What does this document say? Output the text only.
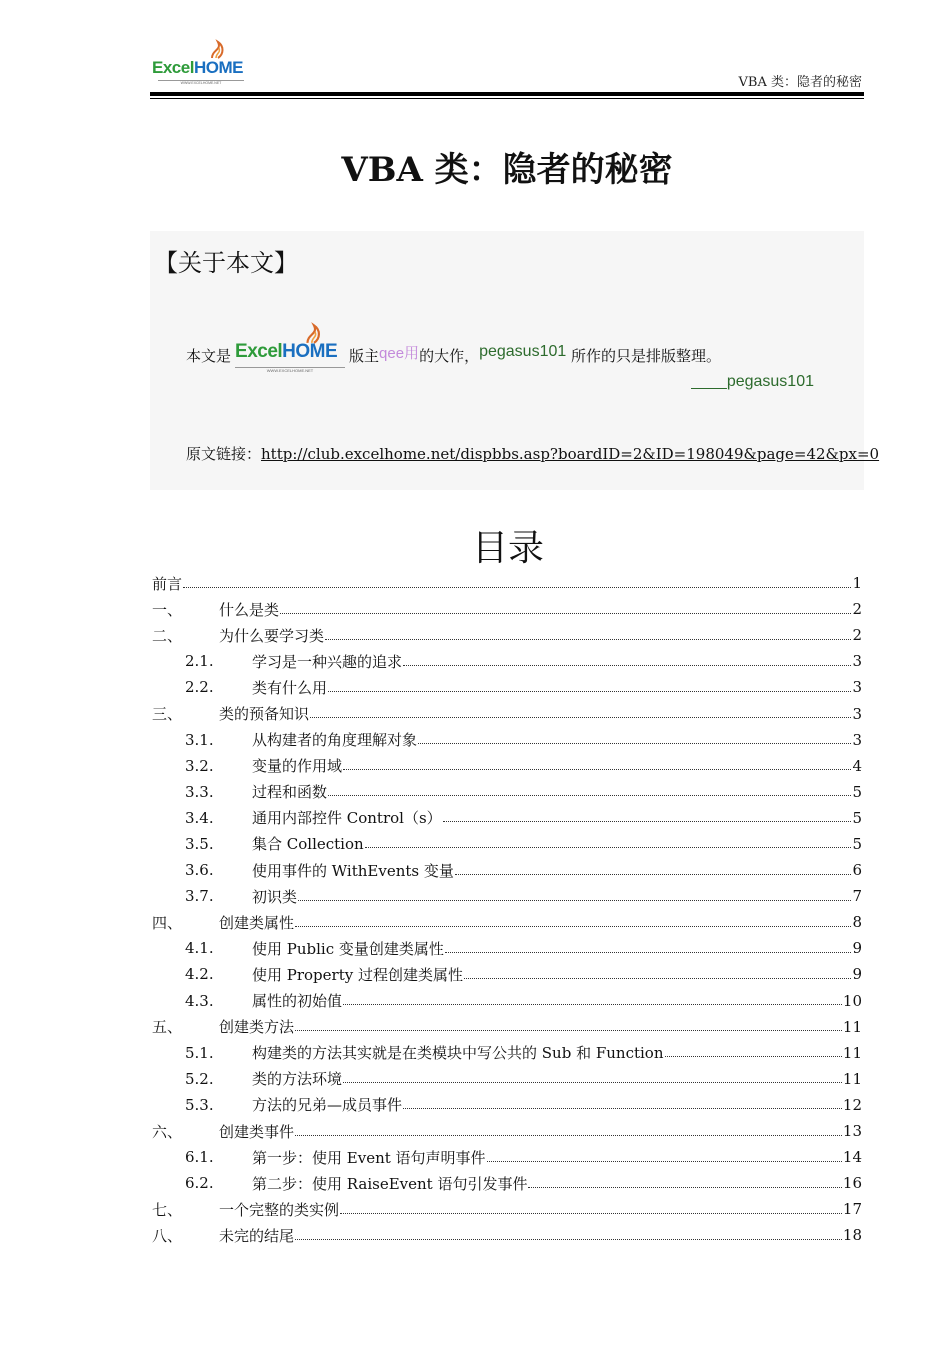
ExcelHOME
WWW.EXCELHOME.NET	VBA 类：隐者的秘密
VBA 类：隐者的秘密
【关于本文】
本文是 ExcelHOME
WWW.EXCELHOME.NET
版主qee用的大作，pegasus101 所作的只是排版整理。
____pegasus101
原文链接：http://club.excelhome.net/dispbbs.asp?boardID=2&ID=198049&page=42&px=0
目录
前言	1
一、	什么是类	2
二、	为什么要学习类	2
2.1.	学习是一种兴趣的追求	3
2.2.	类有什么用	3
三、	类的预备知识	3
3.1.	从构建者的角度理解对象	3
3.2.	变量的作用域	4
3.3.	过程和函数	5
3.4.	通用内部控件 Control（s）	5
3.5.	集合 Collection	5
3.6.	使用事件的 WithEvents 变量	6
3.7.	初识类	7
四、	创建类属性	8
4.1.	使用 Public 变量创建类属性	9
4.2.	使用 Property 过程创建类属性	9
4.3.	属性的初始值	10
五、	创建类方法	11
5.1.	构建类的方法其实就是在类模块中写公共的 Sub 和 Function	11
5.2.	类的方法环境	11
5.3.	方法的兄弟—成员事件	12
六、	创建类事件	13
6.1.	第一步：使用 Event 语句声明事件	14
6.2.	第二步：使用 RaiseEvent 语句引发事件	16
七、	一个完整的类实例	17
八、	未完的结尾	18
